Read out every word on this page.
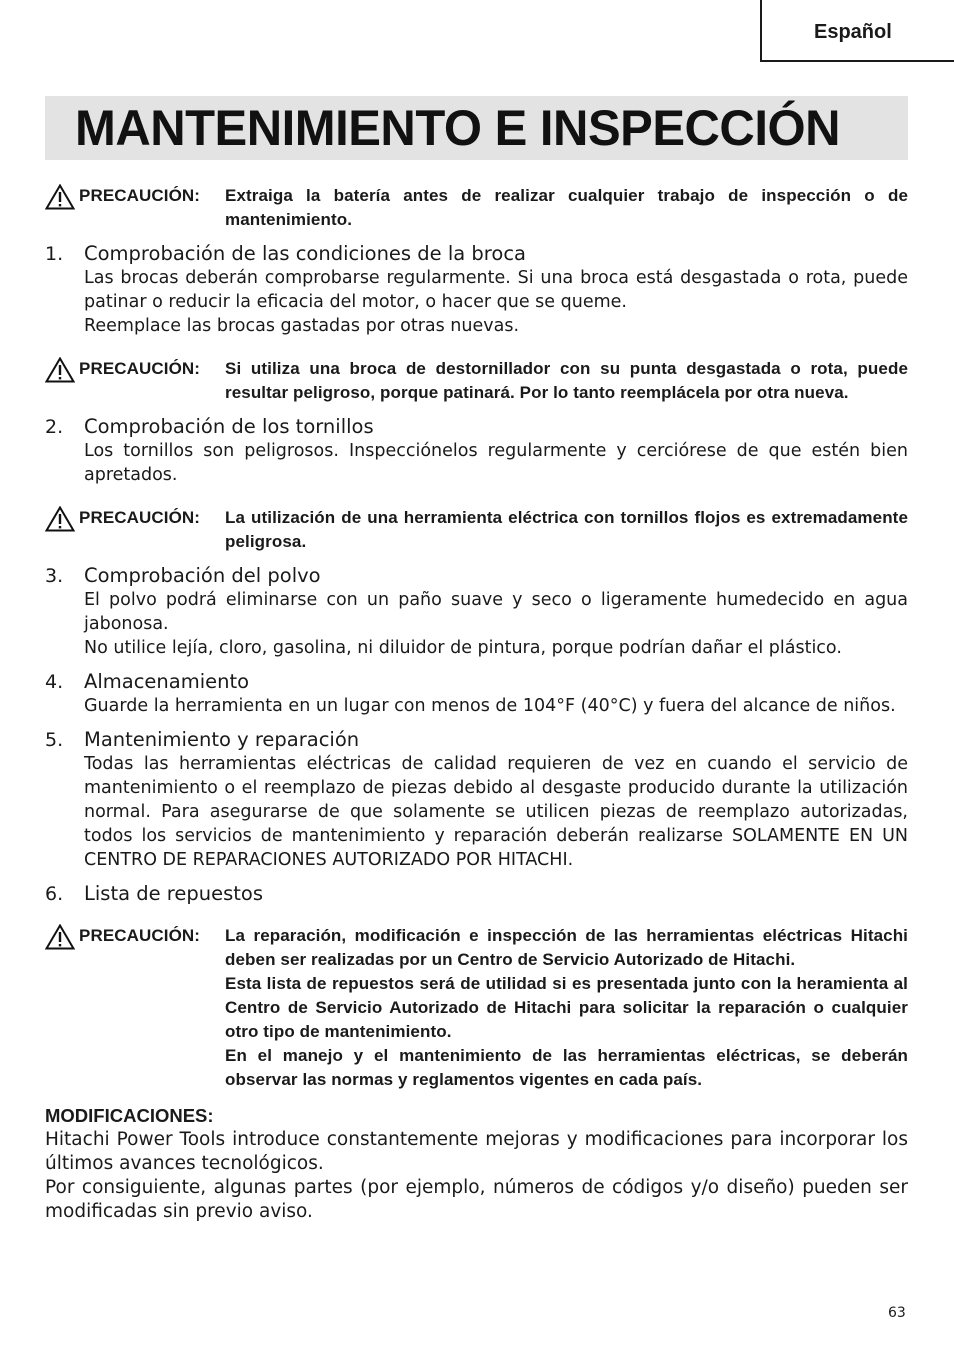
Español
MANTENIMIENTO E INSPECCIÓN
PRECAUCIÓN: Extraiga la batería antes de realizar cualquier trabajo de inspección o de mantenimiento.

1. Comprobación de las condiciones de la broca

Las brocas deberán comprobarse regularmente. Si una broca está desgastada o rota, puede patinar o reducir la eficacia del motor, o hacer que se queme.

Reemplace las brocas gastadas por otras nuevas.

PRECAUCIÓN: Si utiliza una broca de destornillador con su punta desgastada o rota, puede resultar peligroso, porque patinará. Por lo tanto reemplácela por otra nueva.

2. Comprobación de los tornillos

Los tornillos son peligrosos. Inspecciónelos regularmente y cerciórese de que estén bien apretados.

PRECAUCIÓN: La utilización de una herramienta eléctrica con tornillos flojos es extremadamente peligrosa.

3. Comprobación del polvo

El polvo podrá eliminarse con un paño suave y seco o ligeramente humedecido en agua jabonosa.

No utilice lejía, cloro, gasolina, ni diluidor de pintura, porque podrían dañar el plástico.

4. Almacenamiento

Guarde la herramienta en un lugar con menos de 104°F (40°C) y fuera del alcance de niños.

5. Mantenimiento y reparación

Todas las herramientas eléctricas de calidad requieren de vez en cuando el servicio de mantenimiento o el reemplazo de piezas debido al desgaste producido durante la utilización normal. Para asegurarse de que solamente se utilicen piezas de reemplazo autorizadas, todos los servicios de mantenimiento y reparación deberán realizarse SOLAMENTE EN UN CENTRO DE REPARACIONES AUTORIZADO POR HITACHI.

6. Lista de repuestos

PRECAUCIÓN: La reparación, modificación e inspección de las herramientas eléctricas Hitachi deben ser realizadas por un Centro de Servicio Autorizado de Hitachi.

Esta lista de repuestos será de utilidad si es presentada junto con la heramienta al Centro de Servicio Autorizado de Hitachi para solicitar la reparación o cualquier otro tipo de mantenimiento.

En el manejo y el mantenimiento de las herramientas eléctricas, se deberán observar las normas y reglamentos vigentes en cada país.

MODIFICACIONES:

Hitachi Power Tools introduce constantemente mejoras y modificaciones para incorporar los últimos avances tecnológicos.

Por consiguiente, algunas partes (por ejemplo, números de códigos y/o diseño) pueden ser modificadas sin previo aviso.

63
